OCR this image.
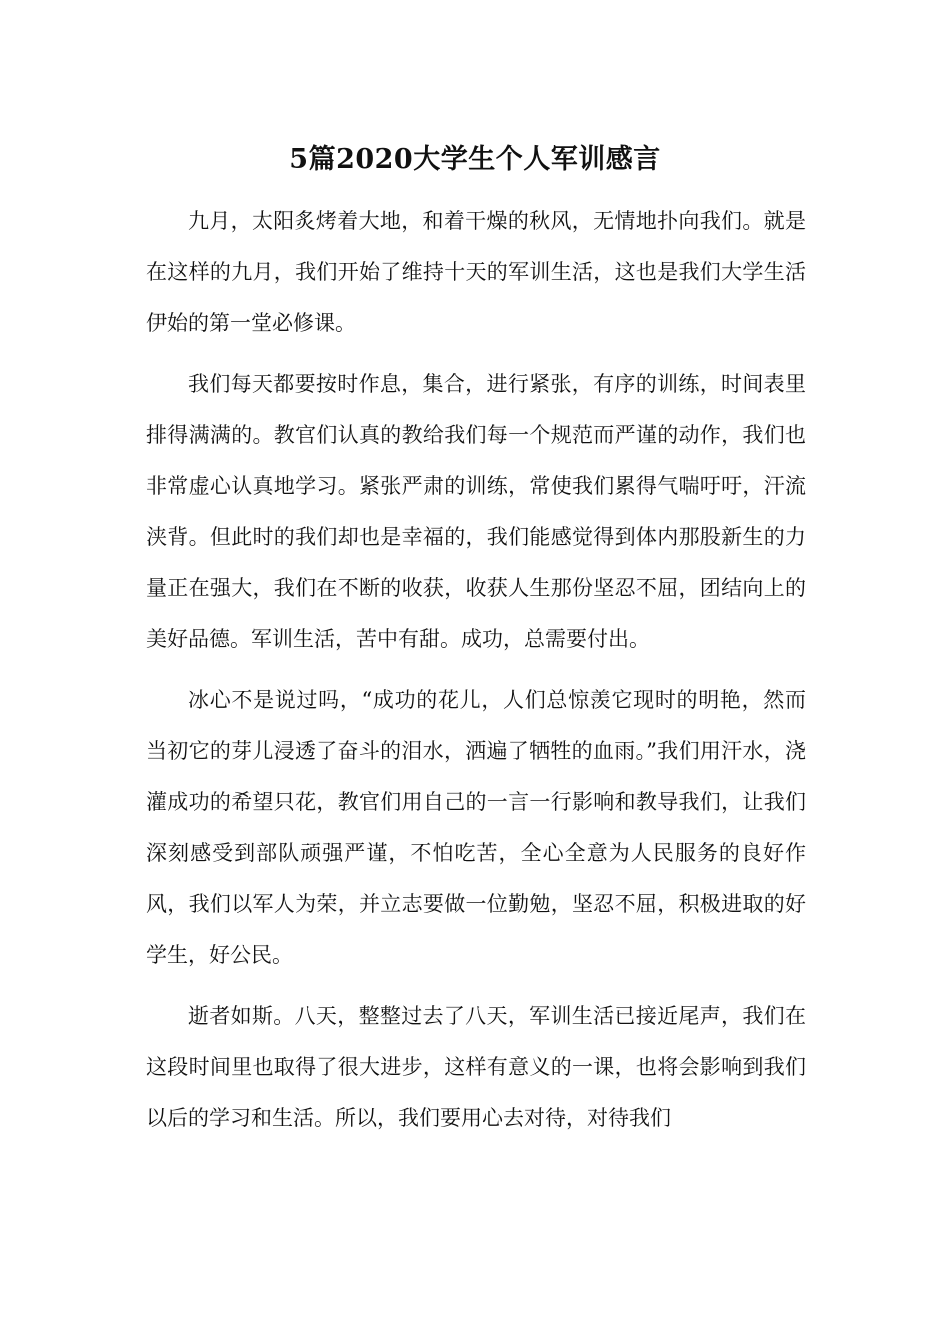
5篇2020大学生个人军训感言

九月，太阳炙烤着大地，和着干燥的秋风，无情地扑向我们。就是在这样的九月，我们开始了维持十天的军训生活，这也是我们大学生活伊始的第一堂必修课。

我们每天都要按时作息，集合，进行紧张，有序的训练，时间表里排得满满的。教官们认真的教给我们每一个规范而严谨的动作，我们也非常虚心认真地学习。紧张严肃的训练，常使我们累得气喘吁吁，汗流浃背。但此时的我们却也是幸福的，我们能感觉得到体内那股新生的力量正在强大，我们在不断的收获，收获人生那份坚忍不屈，团结向上的美好品德。军训生活，苦中有甜。成功，总需要付出。

冰心不是说过吗，“成功的花儿，人们总惊羡它现时的明艳，然而当初它的芽儿浸透了奋斗的泪水，洒遍了牺牲的血雨。”我们用汗水，浇灌成功的希望只花，教官们用自己的一言一行影响和教导我们，让我们深刻感受到部队顽强严谨，不怕吃苦，全心全意为人民服务的良好作风，我们以军人为荣，并立志要做一位勤勉，坚忍不屈，积极进取的好学生，好公民。

逝者如斯。八天，整整过去了八天，军训生活已接近尾声，我们在这段时间里也取得了很大进步，这样有意义的一课，也将会影响到我们以后的学习和生活。所以，我们要用心去对待，对待我们
